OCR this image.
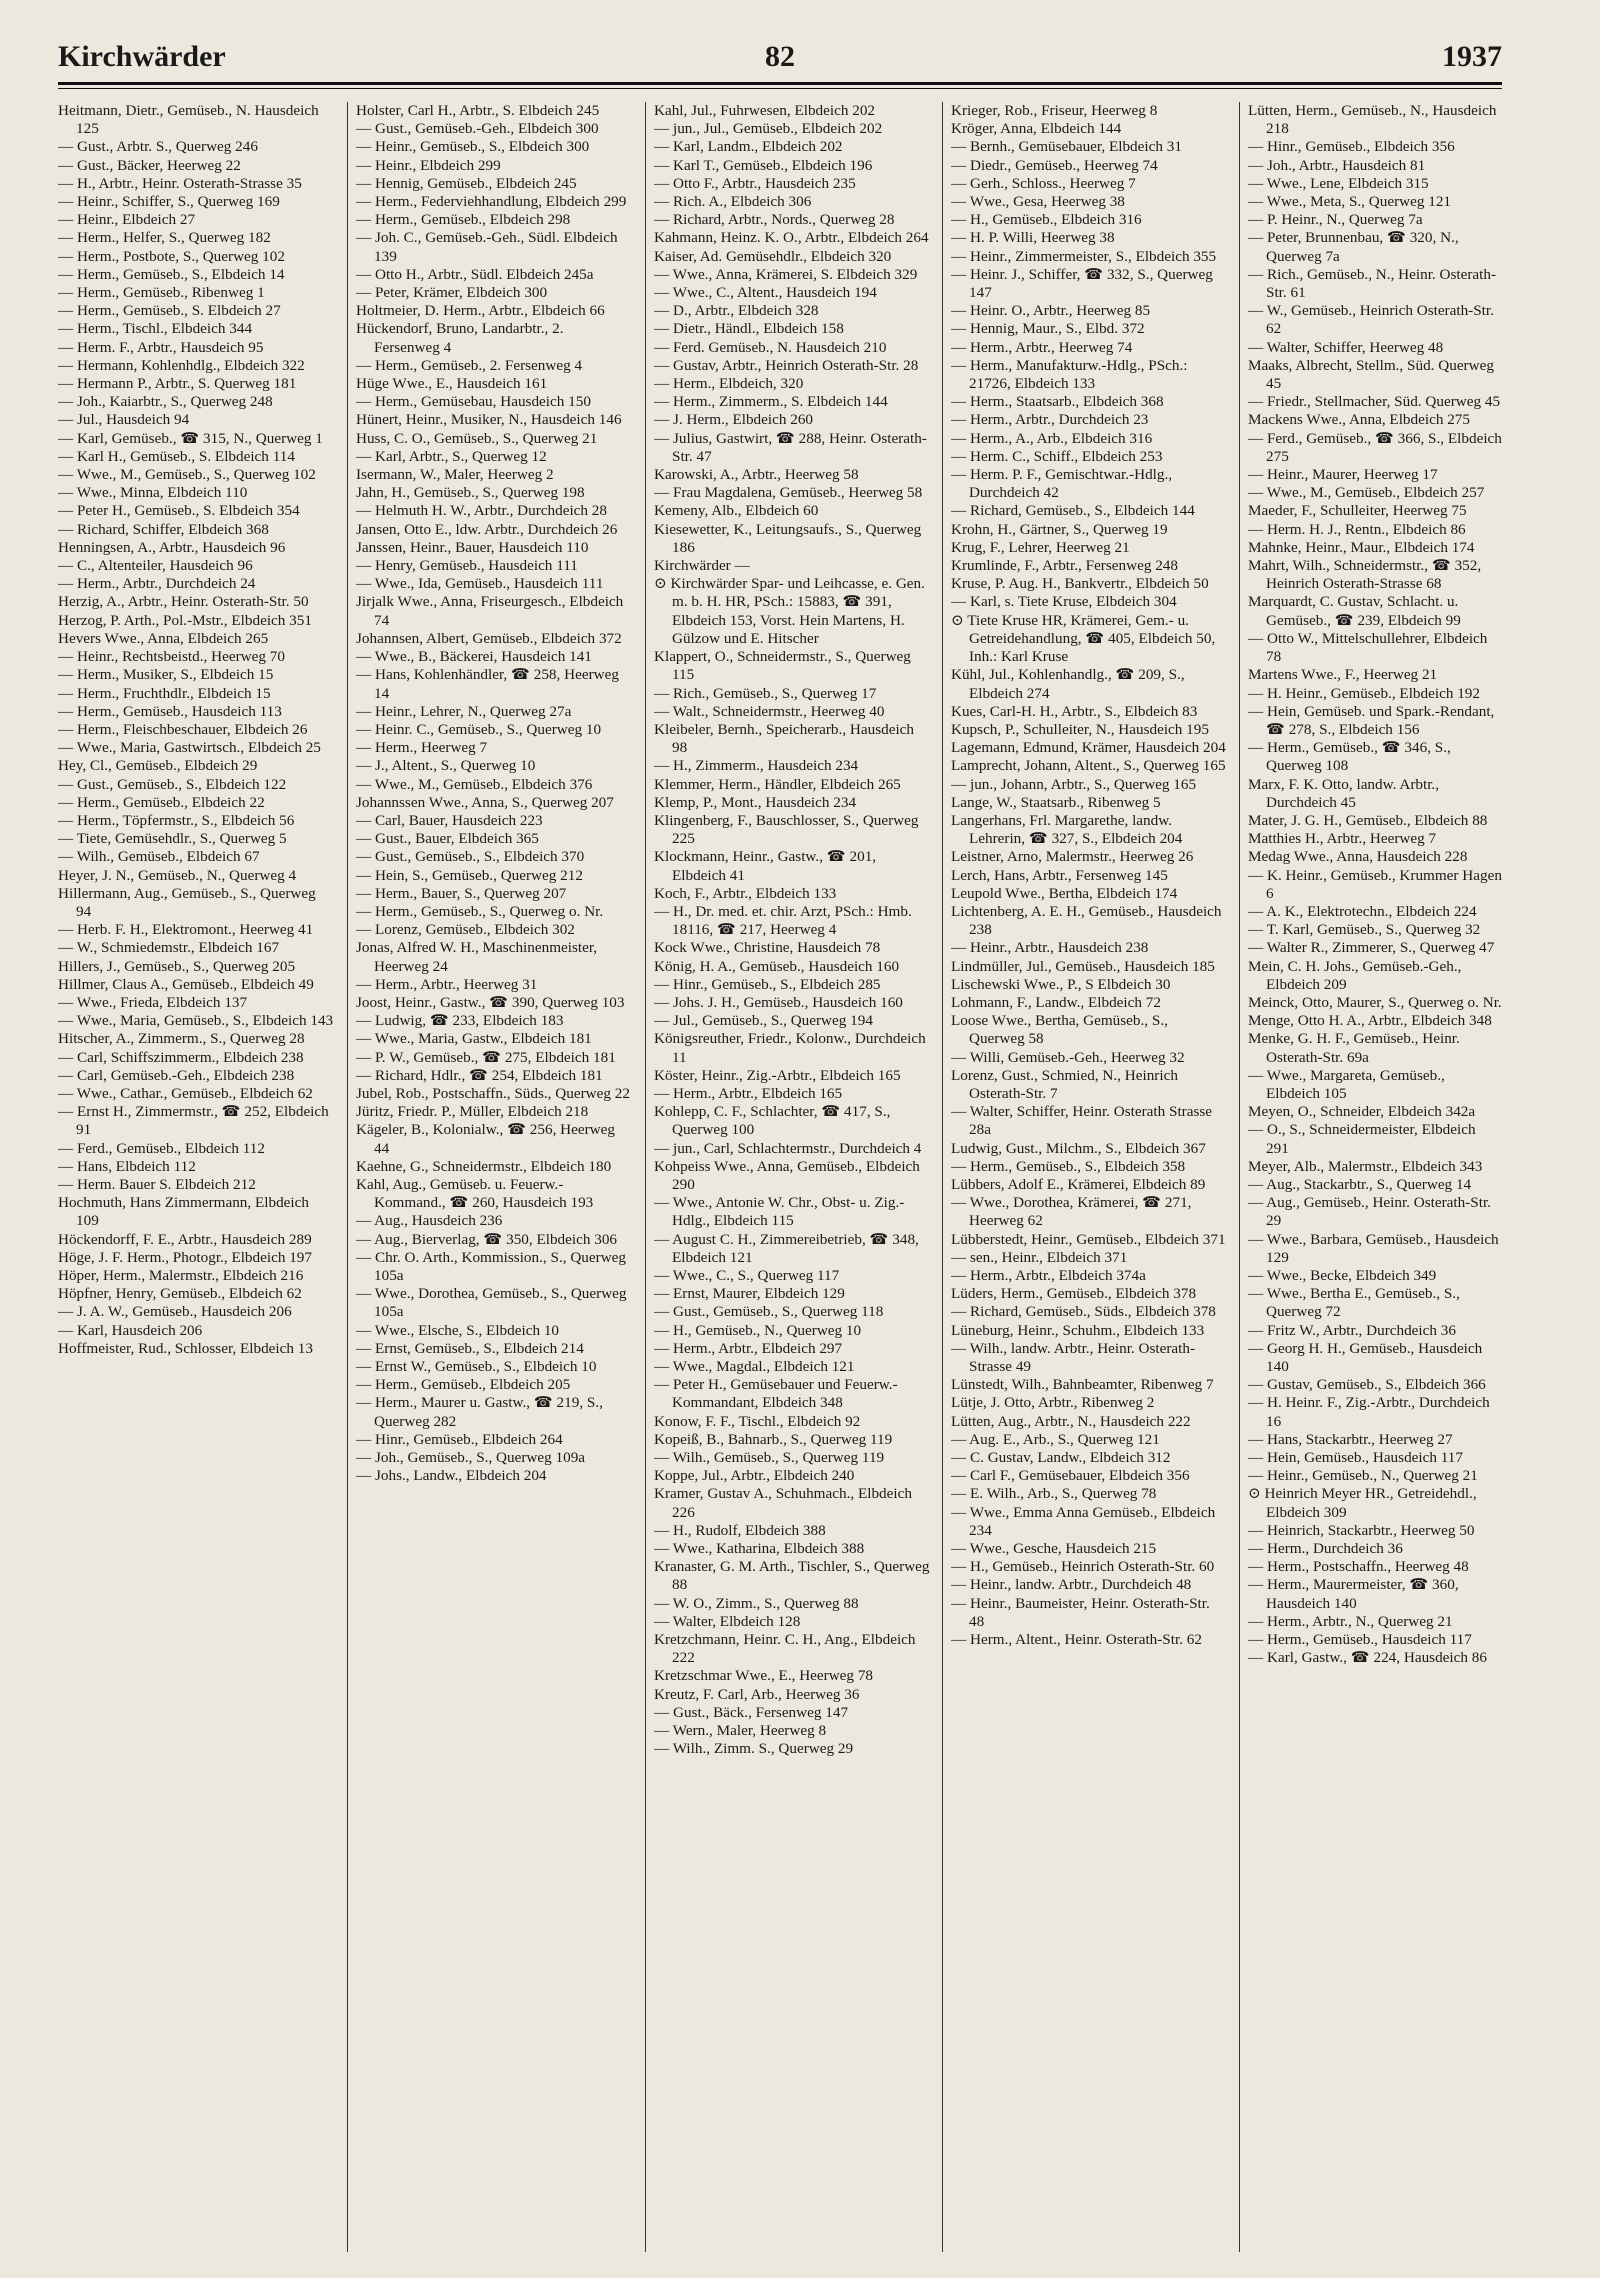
Kirchwärder	82	1937

Heitmann, Dietr., Gemüseb., N. Hausdeich 125

— Gust., Arbtr. S., Querweg 246

— Gust., Bäcker, Heerweg 22

— H., Arbtr., Heinr. Osterath-Strasse 35

— Heinr., Schiffer, S., Querweg 169

— Heinr., Elbdeich 27

— Herm., Helfer, S., Querweg 182

— Herm., Postbote, S., Querweg 102

— Herm., Gemüseb., S., Elbdeich 14

— Herm., Gemüseb., Ribenweg 1

— Herm., Gemüseb., S. Elbdeich 27

— Herm., Tischl., Elbdeich 344

— Herm. F., Arbtr., Hausdeich 95

— Hermann, Kohlenhdlg., Elbdeich 322

— Hermann P., Arbtr., S. Querweg 181

— Joh., Kaiarbtr., S., Querweg 248

— Jul., Hausdeich 94

— Karl, Gemüseb., ☎ 315, N., Querweg 1

— Karl H., Gemüseb., S. Elbdeich 114

— Wwe., M., Gemüseb., S., Querweg 102

— Wwe., Minna, Elbdeich 110

— Peter H., Gemüseb., S. Elbdeich 354

— Richard, Schiffer, Elbdeich 368

Henningsen, A., Arbtr., Hausdeich 96

— C., Altenteiler, Hausdeich 96

— Herm., Arbtr., Durchdeich 24

Herzig, A., Arbtr., Heinr. Osterath-Str. 50

Herzog, P. Arth., Pol.-Mstr., Elbdeich 351

Hevers Wwe., Anna, Elbdeich 265

— Heinr., Rechtsbeistd., Heerweg 70

— Herm., Musiker, S., Elbdeich 15

— Herm., Fruchthdlr., Elbdeich 15

— Herm., Gemüseb., Hausdeich 113

— Herm., Fleischbeschauer, Elbdeich 26

— Wwe., Maria, Gastwirtsch., Elbdeich 25

Hey, Cl., Gemüseb., Elbdeich 29

— Gust., Gemüseb., S., Elbdeich 122

— Herm., Gemüseb., Elbdeich 22

— Herm., Töpfermstr., S., Elbdeich 56

— Tiete, Gemüsehdlr., S., Querweg 5

— Wilh., Gemüseb., Elbdeich 67

Heyer, J. N., Gemüseb., N., Querweg 4

Hillermann, Aug., Gemüseb., S., Querweg 94

— Herb. F. H., Elektromont., Heerweg 41

— W., Schmiedemstr., Elbdeich 167

Hillers, J., Gemüseb., S., Querweg 205

Hillmer, Claus A., Gemüseb., Elbdeich 49

— Wwe., Frieda, Elbdeich 137

— Wwe., Maria, Gemüseb., S., Elbdeich 143

Hitscher, A., Zimmerm., S., Querweg 28

— Carl, Schiffszimmerm., Elbdeich 238

— Carl, Gemüseb.-Geh., Elbdeich 238

— Wwe., Cathar., Gemüseb., Elbdeich 62

— Ernst H., Zimmermstr., ☎ 252, Elbdeich 91

— Ferd., Gemüseb., Elbdeich 112

— Hans, Elbdeich 112

— Herm. Bauer S. Elbdeich 212

Hochmuth, Hans Zimmermann, Elbdeich 109

Höckendorff, F. E., Arbtr., Hausdeich 289

Höge, J. F. Herm., Photogr., Elbdeich 197

Höper, Herm., Malermstr., Elbdeich 216

Höpfner, Henry, Gemüseb., Elbdeich 62

— J. A. W., Gemüseb., Hausdeich 206

— Karl, Hausdeich 206

Hoffmeister, Rud., Schlosser, Elbdeich 13

Holster, Carl H., Arbtr., S. Elbdeich 245

— Gust., Gemüseb.-Geh., Elbdeich 300

— Heinr., Gemüseb., S., Elbdeich 300

— Heinr., Elbdeich 299

— Hennig, Gemüseb., Elbdeich 245

— Herm., Federviehhandlung, Elbdeich 299

— Herm., Gemüseb., Elbdeich 298

— Joh. C., Gemüseb.-Geh., Südl. Elbdeich 139

— Otto H., Arbtr., Südl. Elbdeich 245a

— Peter, Krämer, Elbdeich 300

Holtmeier, D. Herm., Arbtr., Elbdeich 66

Hückendorf, Bruno, Landarbtr., 2. Fersenweg 4

— Herm., Gemüseb., 2. Fersenweg 4

Hüge Wwe., E., Hausdeich 161

— Herm., Gemüsebau, Hausdeich 150

Hünert, Heinr., Musiker, N., Hausdeich 146

Huss, C. O., Gemüseb., S., Querweg 21

— Karl, Arbtr., S., Querweg 12

Isermann, W., Maler, Heerweg 2

Jahn, H., Gemüseb., S., Querweg 198

— Helmuth H. W., Arbtr., Durchdeich 28

Jansen, Otto E., ldw. Arbtr., Durchdeich 26

Janssen, Heinr., Bauer, Hausdeich 110

— Henry, Gemüseb., Hausdeich 111

— Wwe., Ida, Gemüseb., Hausdeich 111

Jirjalk Wwe., Anna, Friseurgesch., Elbdeich 74

Johannsen, Albert, Gemüseb., Elbdeich 372

— Wwe., B., Bäckerei, Hausdeich 141

— Hans, Kohlenhändler, ☎ 258, Heerweg 14

— Heinr., Lehrer, N., Querweg 27a

— Heinr. C., Gemüseb., S., Querweg 10

— Herm., Heerweg 7

— J., Altent., S., Querweg 10

— Wwe., M., Gemüseb., Elbdeich 376

Johannssen Wwe., Anna, S., Querweg 207

— Carl, Bauer, Hausdeich 223

— Gust., Bauer, Elbdeich 365

— Gust., Gemüseb., S., Elbdeich 370

— Hein, S., Gemüseb., Querweg 212

— Herm., Bauer, S., Querweg 207

— Herm., Gemüseb., S., Querweg o. Nr.

— Lorenz, Gemüseb., Elbdeich 302

Jonas, Alfred W. H., Maschinenmeister, Heerweg 24

— Herm., Arbtr., Heerweg 31

Joost, Heinr., Gastw., ☎ 390, Querweg 103

— Ludwig, ☎ 233, Elbdeich 183

— Wwe., Maria, Gastw., Elbdeich 181

— P. W., Gemüseb., ☎ 275, Elbdeich 181

— Richard, Hdlr., ☎ 254, Elbdeich 181

Jubel, Rob., Postschaffn., Süds., Querweg 22

Jüritz, Friedr. P., Müller, Elbdeich 218

Kägeler, B., Kolonialw., ☎ 256, Heerweg 44

Kaehne, G., Schneidermstr., Elbdeich 180

Kahl, Aug., Gemüseb. u. Feuerw.-Kommand., ☎ 260, Hausdeich 193

— Aug., Hausdeich 236

— Aug., Bierverlag, ☎ 350, Elbdeich 306

— Chr. O. Arth., Kommission., S., Querweg 105a

— Wwe., Dorothea, Gemüseb., S., Querweg 105a

— Wwe., Elsche, S., Elbdeich 10

— Ernst, Gemüseb., S., Elbdeich 214

— Ernst W., Gemüseb., S., Elbdeich 10

— Herm., Gemüseb., Elbdeich 205

— Herm., Maurer u. Gastw., ☎ 219, S., Querweg 282

— Hinr., Gemüseb., Elbdeich 264

— Joh., Gemüseb., S., Querweg 109a

— Johs., Landw., Elbdeich 204

Kahl, Jul., Fuhrwesen, Elbdeich 202

— jun., Jul., Gemüseb., Elbdeich 202

— Karl, Landm., Elbdeich 202

— Karl T., Gemüseb., Elbdeich 196

— Otto F., Arbtr., Hausdeich 235

— Rich. A., Elbdeich 306

— Richard, Arbtr., Nords., Querweg 28

Kahmann, Heinz. K. O., Arbtr., Elbdeich 264

Kaiser, Ad. Gemüsehdlr., Elbdeich 320

— Wwe., Anna, Krämerei, S. Elbdeich 329

— Wwe., C., Altent., Hausdeich 194

— D., Arbtr., Elbdeich 328

— Dietr., Händl., Elbdeich 158

— Ferd. Gemüseb., N. Hausdeich 210

— Gustav, Arbtr., Heinrich Osterath-Str. 28

— Herm., Elbdeich, 320

— Herm., Zimmerm., S. Elbdeich 144

— J. Herm., Elbdeich 260

— Julius, Gastwirt, ☎ 288, Heinr. Osterath-Str. 47

Karowski, A., Arbtr., Heerweg 58

— Frau Magdalena, Gemüseb., Heerweg 58

Kemeny, Alb., Elbdeich 60

Kiesewetter, K., Leitungsaufs., S., Querweg 186

Kirchwärder —

⊙ Kirchwärder Spar- und Leihcasse, e. Gen. m. b. H. HR, PSch.: 15883, ☎ 391, Elbdeich 153, Vorst. Hein Martens, H. Gülzow und E. Hitscher

Klappert, O., Schneidermstr., S., Querweg 115

— Rich., Gemüseb., S., Querweg 17

— Walt., Schneidermstr., Heerweg 40

Kleibeler, Bernh., Speicherarb., Hausdeich 98

— H., Zimmerm., Hausdeich 234

Klemmer, Herm., Händler, Elbdeich 265

Klemp, P., Mont., Hausdeich 234

Klingenberg, F., Bauschlosser, S., Querweg 225

Klockmann, Heinr., Gastw., ☎ 201, Elbdeich 41

Koch, F., Arbtr., Elbdeich 133

— H., Dr. med. et. chir. Arzt, PSch.: Hmb. 18116, ☎ 217, Heerweg 4

Kock Wwe., Christine, Hausdeich 78

König, H. A., Gemüseb., Hausdeich 160

— Hinr., Gemüseb., S., Elbdeich 285

— Johs. J. H., Gemüseb., Hausdeich 160

— Jul., Gemüseb., S., Querweg 194

Königsreuther, Friedr., Kolonw., Durchdeich 11

Köster, Heinr., Zig.-Arbtr., Elbdeich 165

— Herm., Arbtr., Elbdeich 165

Kohlepp, C. F., Schlachter, ☎ 417, S., Querweg 100

— jun., Carl, Schlachtermstr., Durchdeich 4

Kohpeiss Wwe., Anna, Gemüseb., Elbdeich 290

— Wwe., Antonie W. Chr., Obst- u. Zig.-Hdlg., Elbdeich 115

— August C. H., Zimmereibetrieb, ☎ 348, Elbdeich 121

— Wwe., C., S., Querweg 117

— Ernst, Maurer, Elbdeich 129

— Gust., Gemüseb., S., Querweg 118

— H., Gemüseb., N., Querweg 10

— Herm., Arbtr., Elbdeich 297

— Wwe., Magdal., Elbdeich 121

— Peter H., Gemüsebauer und Feuerw.-Kommandant, Elbdeich 348

Konow, F. F., Tischl., Elbdeich 92

Kopeiß, B., Bahnarb., S., Querweg 119

— Wilh., Gemüseb., S., Querweg 119

Koppe, Jul., Arbtr., Elbdeich 240

Kramer, Gustav A., Schuhmach., Elbdeich 226

— H., Rudolf, Elbdeich 388

— Wwe., Katharina, Elbdeich 388

Kranaster, G. M. Arth., Tischler, S., Querweg 88

— W. O., Zimm., S., Querweg 88

— Walter, Elbdeich 128

Kretzchmann, Heinr. C. H., Ang., Elbdeich 222

Kretzschmar Wwe., E., Heerweg 78

Kreutz, F. Carl, Arb., Heerweg 36

— Gust., Bäck., Fersenweg 147

— Wern., Maler, Heerweg 8

— Wilh., Zimm. S., Querweg 29

Krieger, Rob., Friseur, Heerweg 8

Kröger, Anna, Elbdeich 144

— Bernh., Gemüsebauer, Elbdeich 31

— Diedr., Gemüseb., Heerweg 74

— Gerh., Schloss., Heerweg 7

— Wwe., Gesa, Heerweg 38

— H., Gemüseb., Elbdeich 316

— H. P. Willi, Heerweg 38

— Heinr., Zimmermeister, S., Elbdeich 355

— Heinr. J., Schiffer, ☎ 332, S., Querweg 147

— Heinr. O., Arbtr., Heerweg 85

— Hennig, Maur., S., Elbd. 372

— Herm., Arbtr., Heerweg 74

— Herm., Manufakturw.-Hdlg., PSch.: 21726, Elbdeich 133

— Herm., Staatsarb., Elbdeich 368

— Herm., Arbtr., Durchdeich 23

— Herm., A., Arb., Elbdeich 316

— Herm. C., Schiff., Elbdeich 253

— Herm. P. F., Gemischtwar.-Hdlg., Durchdeich 42

— Richard, Gemüseb., S., Elbdeich 144

Krohn, H., Gärtner, S., Querweg 19

Krug, F., Lehrer, Heerweg 21

Krumlinde, F., Arbtr., Fersenweg 248

Kruse, P. Aug. H., Bankvertr., Elbdeich 50

— Karl, s. Tiete Kruse, Elbdeich 304

⊙ Tiete Kruse HR, Krämerei, Gem.- u. Getreidehandlung, ☎ 405, Elbdeich 50, Inh.: Karl Kruse

Kühl, Jul., Kohlenhandlg., ☎ 209, S., Elbdeich 274

Kues, Carl-H. H., Arbtr., S., Elbdeich 83

Kupsch, P., Schulleiter, N., Hausdeich 195

Lagemann, Edmund, Krämer, Hausdeich 204

Lamprecht, Johann, Altent., S., Querweg 165

— jun., Johann, Arbtr., S., Querweg 165

Lange, W., Staatsarb., Ribenweg 5

Langerhans, Frl. Margarethe, landw. Lehrerin, ☎ 327, S., Elbdeich 204

Leistner, Arno, Malermstr., Heerweg 26

Lerch, Hans, Arbtr., Fersenweg 145

Leupold Wwe., Bertha, Elbdeich 174

Lichtenberg, A. E. H., Gemüseb., Hausdeich 238

— Heinr., Arbtr., Hausdeich 238

Lindmüller, Jul., Gemüseb., Hausdeich 185

Lischewski Wwe., P., S Elbdeich 30

Lohmann, F., Landw., Elbdeich 72

Loose Wwe., Bertha, Gemüseb., S., Querweg 58

— Willi, Gemüseb.-Geh., Heerweg 32

Lorenz, Gust., Schmied, N., Heinrich Osterath-Str. 7

— Walter, Schiffer, Heinr. Osterath Strasse 28a

Ludwig, Gust., Milchm., S., Elbdeich 367

— Herm., Gemüseb., S., Elbdeich 358

Lübbers, Adolf E., Krämerei, Elbdeich 89

— Wwe., Dorothea, Krämerei, ☎ 271, Heerweg 62

Lübberstedt, Heinr., Gemüseb., Elbdeich 371

— sen., Heinr., Elbdeich 371

— Herm., Arbtr., Elbdeich 374a

Lüders, Herm., Gemüseb., Elbdeich 378

— Richard, Gemüseb., Süds., Elbdeich 378

Lüneburg, Heinr., Schuhm., Elbdeich 133

— Wilh., landw. Arbtr., Heinr. Osterath-Strasse 49

Lünstedt, Wilh., Bahnbeamter, Ribenweg 7

Lütje, J. Otto, Arbtr., Ribenweg 2

Lütten, Aug., Arbtr., N., Hausdeich 222

— Aug. E., Arb., S., Querweg 121

— C. Gustav, Landw., Elbdeich 312

— Carl F., Gemüsebauer, Elbdeich 356

— E. Wilh., Arb., S., Querweg 78

— Wwe., Emma Anna Gemüseb., Elbdeich 234

— Wwe., Gesche, Hausdeich 215

— H., Gemüseb., Heinrich Osterath-Str. 60

— Heinr., landw. Arbtr., Durchdeich 48

— Heinr., Baumeister, Heinr. Osterath-Str. 48

— Herm., Altent., Heinr. Osterath-Str. 62

Lütten, Herm., Gemüseb., N., Hausdeich 218

— Hinr., Gemüseb., Elbdeich 356

— Joh., Arbtr., Hausdeich 81

— Wwe., Lene, Elbdeich 315

— Wwe., Meta, S., Querweg 121

— P. Heinr., N., Querweg 7a

— Peter, Brunnenbau, ☎ 320, N., Querweg 7a

— Rich., Gemüseb., N., Heinr. Osterath-Str. 61

— W., Gemüseb., Heinrich Osterath-Str. 62

— Walter, Schiffer, Heerweg 48

Maaks, Albrecht, Stellm., Süd. Querweg 45

— Friedr., Stellmacher, Süd. Querweg 45

Mackens Wwe., Anna, Elbdeich 275

— Ferd., Gemüseb., ☎ 366, S., Elbdeich 275

— Heinr., Maurer, Heerweg 17

— Wwe., M., Gemüseb., Elbdeich 257

Maeder, F., Schulleiter, Heerweg 75

— Herm. H. J., Rentn., Elbdeich 86

Mahnke, Heinr., Maur., Elbdeich 174

Mahrt, Wilh., Schneidermstr., ☎ 352, Heinrich Osterath-Strasse 68

Marquardt, C. Gustav, Schlacht. u. Gemüseb., ☎ 239, Elbdeich 99

— Otto W., Mittelschullehrer, Elbdeich 78

Martens Wwe., F., Heerweg 21

— H. Heinr., Gemüseb., Elbdeich 192

— Hein, Gemüseb. und Spark.-Rendant, ☎ 278, S., Elbdeich 156

— Herm., Gemüseb., ☎ 346, S., Querweg 108

Marx, F. K. Otto, landw. Arbtr., Durchdeich 45

Mater, J. G. H., Gemüseb., Elbdeich 88

Matthies H., Arbtr., Heerweg 7

Medag Wwe., Anna, Hausdeich 228

— K. Heinr., Gemüseb., Krummer Hagen 6

— A. K., Elektrotechn., Elbdeich 224

— T. Karl, Gemüseb., S., Querweg 32

— Walter R., Zimmerer, S., Querweg 47

Mein, C. H. Johs., Gemüseb.-Geh., Elbdeich 209

Meinck, Otto, Maurer, S., Querweg o. Nr.

Menge, Otto H. A., Arbtr., Elbdeich 348

Menke, G. H. F., Gemüseb., Heinr. Osterath-Str. 69a

— Wwe., Margareta, Gemüseb., Elbdeich 105

Meyen, O., Schneider, Elbdeich 342a

— O., S., Schneidermeister, Elbdeich 291

Meyer, Alb., Malermstr., Elbdeich 343

— Aug., Stackarbtr., S., Querweg 14

— Aug., Gemüseb., Heinr. Osterath-Str. 29

— Wwe., Barbara, Gemüseb., Hausdeich 129

— Wwe., Becke, Elbdeich 349

— Wwe., Bertha E., Gemüseb., S., Querweg 72

— Fritz W., Arbtr., Durchdeich 36

— Georg H. H., Gemüseb., Hausdeich 140

— Gustav, Gemüseb., S., Elbdeich 366

— H. Heinr. F., Zig.-Arbtr., Durchdeich 16

— Hans, Stackarbtr., Heerweg 27

— Hein, Gemüseb., Hausdeich 117

— Heinr., Gemüseb., N., Querweg 21

⊙ Heinrich Meyer HR., Getreidehdl., Elbdeich 309

— Heinrich, Stackarbtr., Heerweg 50

— Herm., Durchdeich 36

— Herm., Postschaffn., Heerweg 48

— Herm., Maurermeister, ☎ 360, Hausdeich 140

— Herm., Arbtr., N., Querweg 21

— Herm., Gemüseb., Hausdeich 117

— Karl, Gastw., ☎ 224, Hausdeich 86
